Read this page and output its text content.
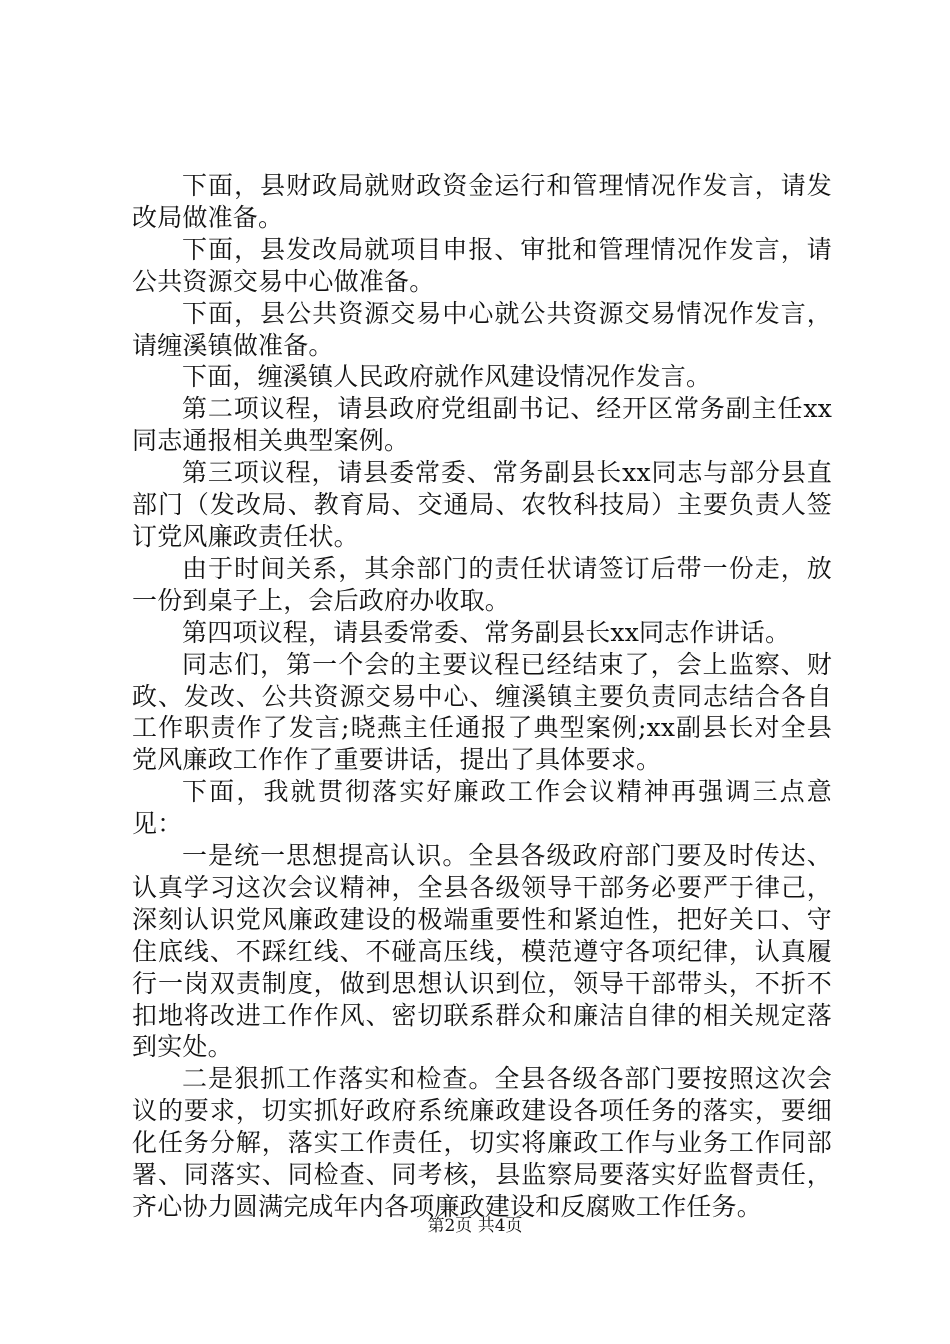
下面，县财政局就财政资金运行和管理情况作发言，请发改局做准备。

下面，县发改局就项目申报、审批和管理情况作发言，请公共资源交易中心做准备。

下面，县公共资源交易中心就公共资源交易情况作发言，请缠溪镇做准备。

下面，缠溪镇人民政府就作风建设情况作发言。

第二项议程，请县政府党组副书记、经开区常务副主任xx同志通报相关典型案例。

第三项议程，请县委常委、常务副县长xx同志与部分县直部门（发改局、教育局、交通局、农牧科技局）主要负责人签订党风廉政责任状。

由于时间关系，其余部门的责任状请签订后带一份走，放一份到桌子上，会后政府办收取。

第四项议程，请县委常委、常务副县长xx同志作讲话。

同志们，第一个会的主要议程已经结束了，会上监察、财政、发改、公共资源交易中心、缠溪镇主要负责同志结合各自工作职责作了发言;晓燕主任通报了典型案例;xx副县长对全县党风廉政工作作了重要讲话，提出了具体要求。

下面，我就贯彻落实好廉政工作会议精神再强调三点意见：

一是统一思想提高认识。全县各级政府部门要及时传达、认真学习这次会议精神，全县各级领导干部务必要严于律己，深刻认识党风廉政建设的极端重要性和紧迫性，把好关口、守住底线、不踩红线、不碰高压线，模范遵守各项纪律，认真履行一岗双责制度，做到思想认识到位，领导干部带头，不折不扣地将改进工作作风、密切联系群众和廉洁自律的相关规定落到实处。

二是狠抓工作落实和检查。全县各级各部门要按照这次会议的要求，切实抓好政府系统廉政建设各项任务的落实，要细化任务分解，落实工作责任，切实将廉政工作与业务工作同部署、同落实、同检查、同考核，县监察局要落实好监督责任，齐心协力圆满完成年内各项廉政建设和反腐败工作任务。

第2页 共4页
